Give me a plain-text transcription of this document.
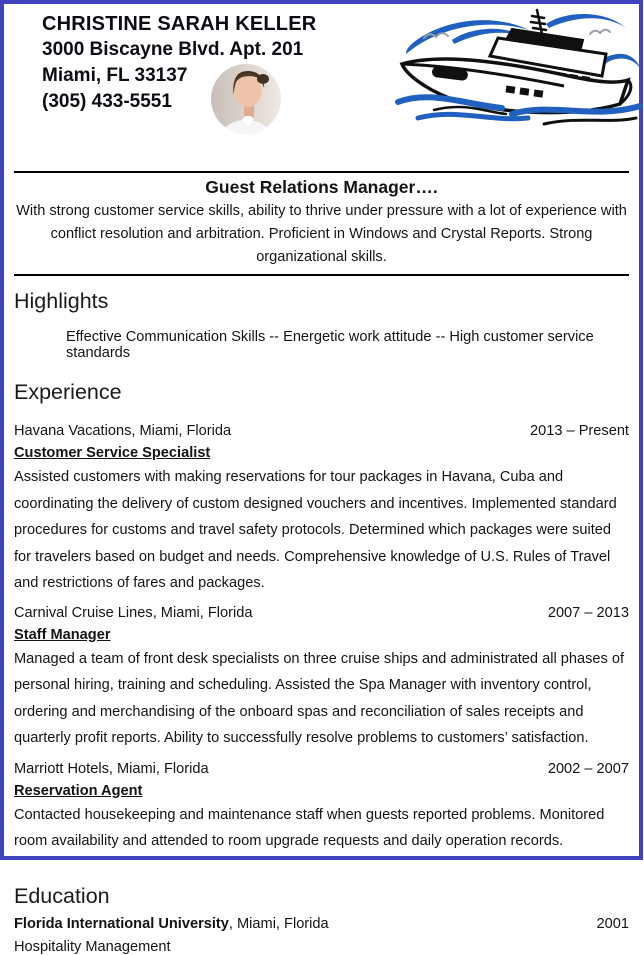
CHRISTINE SARAH KELLER
3000 Biscayne Blvd. Apt. 201
Miami, FL 33137
(305) 433-5551
Guest Relations Manager….
With strong customer service skills, ability to thrive under pressure with a lot of experience with conflict resolution and arbitration. Proficient in Windows and Crystal Reports. Strong organizational skills.
Highlights
Effective Communication Skills -- Energetic work attitude -- High customer service standards
Experience
Havana Vacations, Miami, Florida	2013 – Present
Customer Service Specialist
Assisted customers with making reservations for tour packages in Havana, Cuba and coordinating the delivery of custom designed vouchers and incentives. Implemented standard procedures for customs and travel safety protocols. Determined which packages were suited for travelers based on budget and needs. Comprehensive knowledge of U.S. Rules of Travel and restrictions of fares and packages.
Carnival Cruise Lines, Miami, Florida	2007 – 2013
Staff Manager
Managed a team of front desk specialists on three cruise ships and administrated all phases of personal hiring, training and scheduling. Assisted the Spa Manager with inventory control, ordering and merchandising of the onboard spas and reconciliation of sales receipts and quarterly profit reports. Ability to successfully resolve problems to customers’ satisfaction.
Marriott Hotels, Miami, Florida	2002 – 2007
Reservation Agent
Contacted housekeeping and maintenance staff when guests reported problems. Monitored room availability and attended to room upgrade requests and daily operation records.
Education
Florida International University, Miami, Florida	2001
Hospitality Management
